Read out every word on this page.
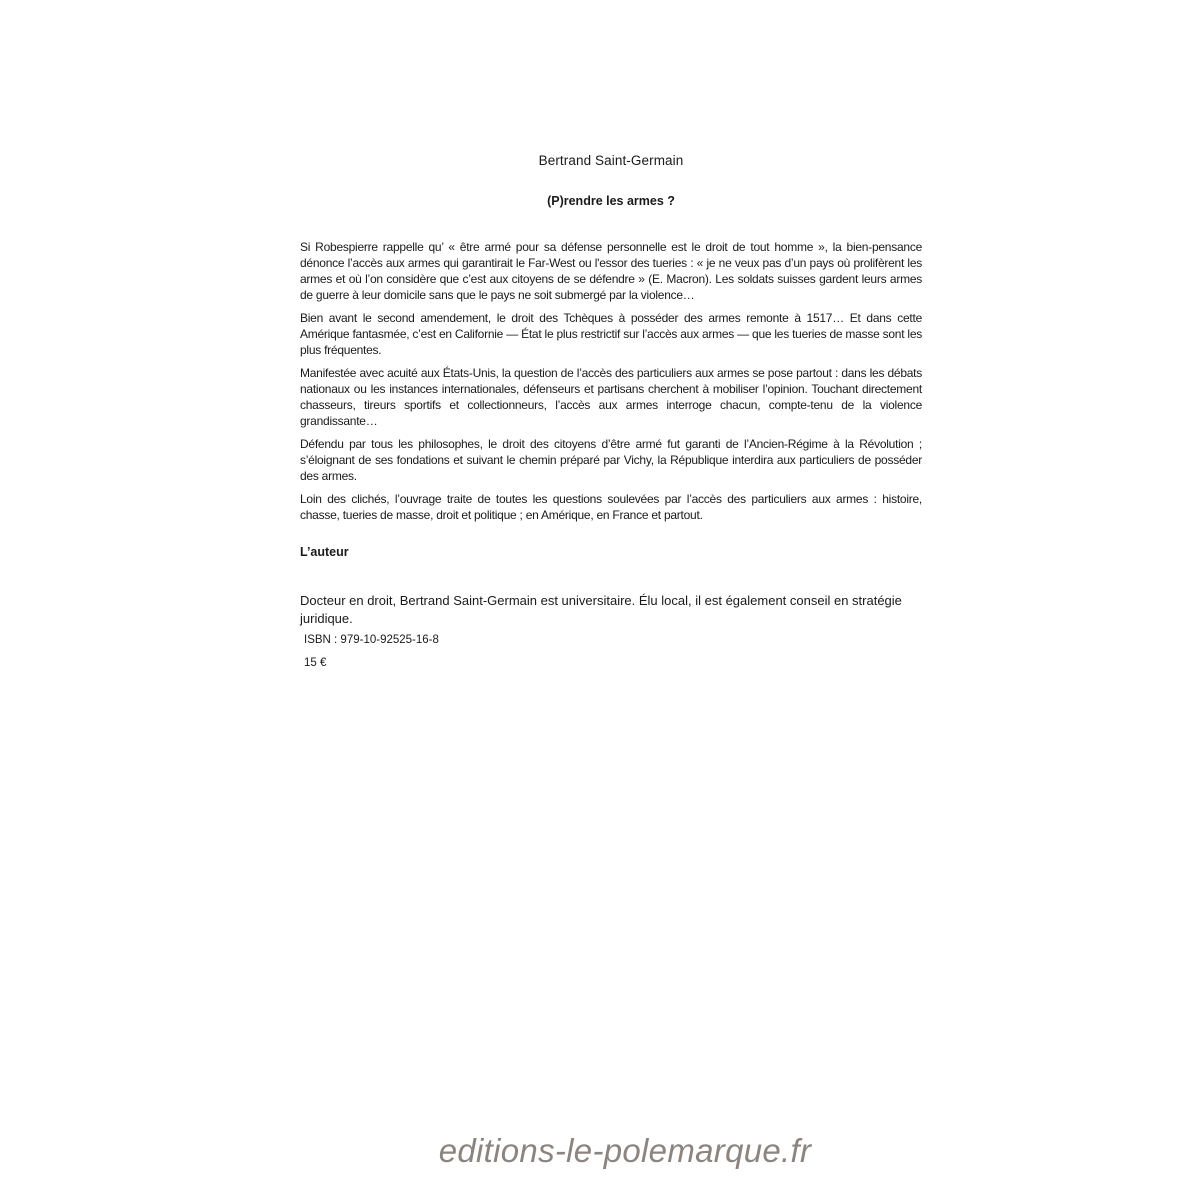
Bertrand Saint-Germain
(P)rendre les armes ?

Si Robespierre rappelle qu’ « être armé pour sa défense personnelle est le droit de tout homme », la bien-pensance dénonce l’accès aux armes qui garantirait le Far-West ou l'essor des tueries : « je ne veux pas d’un pays où prolifèrent les armes et où l’on considère que c’est aux citoyens de se défendre » (E. Macron). Les soldats suisses gardent leurs armes de guerre à leur domicile sans que le pays ne soit submergé par la violence…

Bien avant le second amendement, le droit des Tchèques à posséder des armes remonte à 1517… Et dans cette Amérique fantasmée, c’est en Californie — État le plus restrictif sur l’accès aux armes — que les tueries de masse sont les plus fréquentes.

Manifestée avec acuité aux États-Unis, la question de l’accès des particuliers aux armes se pose partout : dans les débats nationaux ou les instances internationales, défenseurs et partisans cherchent à mobiliser l’opinion. Touchant directement chasseurs, tireurs sportifs et collectionneurs, l’accès aux armes interroge chacun, compte-tenu de la violence grandissante…

Défendu par tous les philosophes, le droit des citoyens d’être armé fut garanti de l’Ancien-Régime à la Révolution ; s’éloignant de ses fondations et suivant le chemin préparé par Vichy, la République interdira aux particuliers de posséder des armes.

Loin des clichés, l’ouvrage traite de toutes les questions soulevées par l’accès des particuliers aux armes : histoire, chasse, tueries de masse, droit et politique ; en Amérique, en France et partout.

L’auteur
Docteur en droit, Bertrand Saint-Germain est universitaire. Élu local, il est également conseil en stratégie juridique.
ISBN : 979-10-92525-16-8
15 €
editions-le-polemarque.fr
